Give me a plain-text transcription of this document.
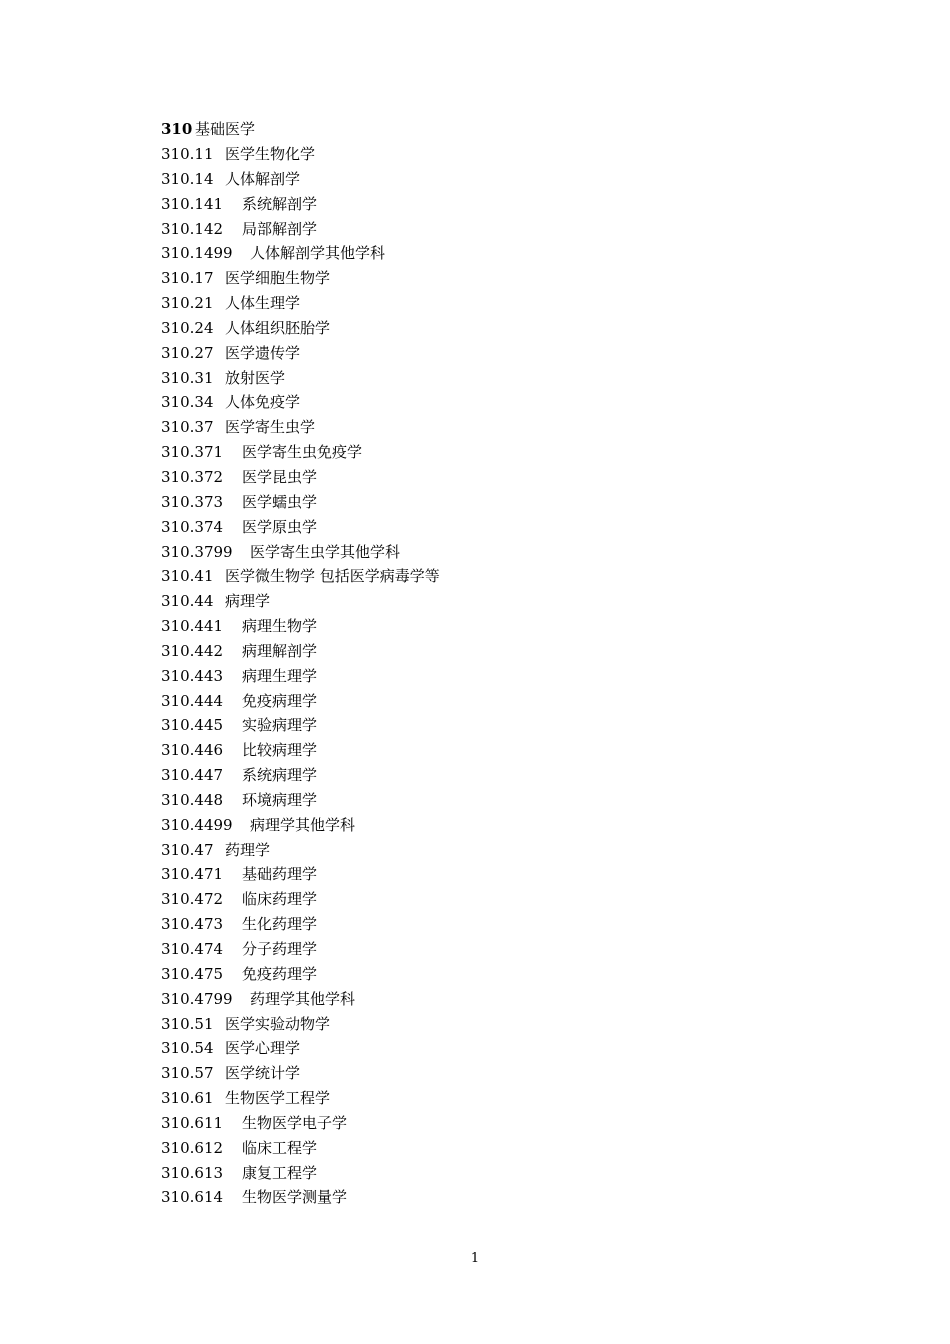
310 基础医学
310.11 医学生物化学
310.14 人体解剖学
310.141 系统解剖学
310.142 局部解剖学
310.1499 人体解剖学其他学科
310.17 医学细胞生物学
310.21 人体生理学
310.24 人体组织胚胎学
310.27 医学遗传学
310.31 放射医学
310.34 人体免疫学
310.37 医学寄生虫学
310.371 医学寄生虫免疫学
310.372 医学昆虫学
310.373 医学蠕虫学
310.374 医学原虫学
310.3799 医学寄生虫学其他学科
310.41 医学微生物学 包括医学病毒学等
310.44 病理学
310.441 病理生物学
310.442 病理解剖学
310.443 病理生理学
310.444 免疫病理学
310.445 实验病理学
310.446 比较病理学
310.447 系统病理学
310.448 环境病理学
310.4499 病理学其他学科
310.47 药理学
310.471 基础药理学
310.472 临床药理学
310.473 生化药理学
310.474 分子药理学
310.475 免疫药理学
310.4799 药理学其他学科
310.51 医学实验动物学
310.54 医学心理学
310.57 医学统计学
310.61 生物医学工程学
310.611 生物医学电子学
310.612 临床工程学
310.613 康复工程学
310.614 生物医学测量学
1
